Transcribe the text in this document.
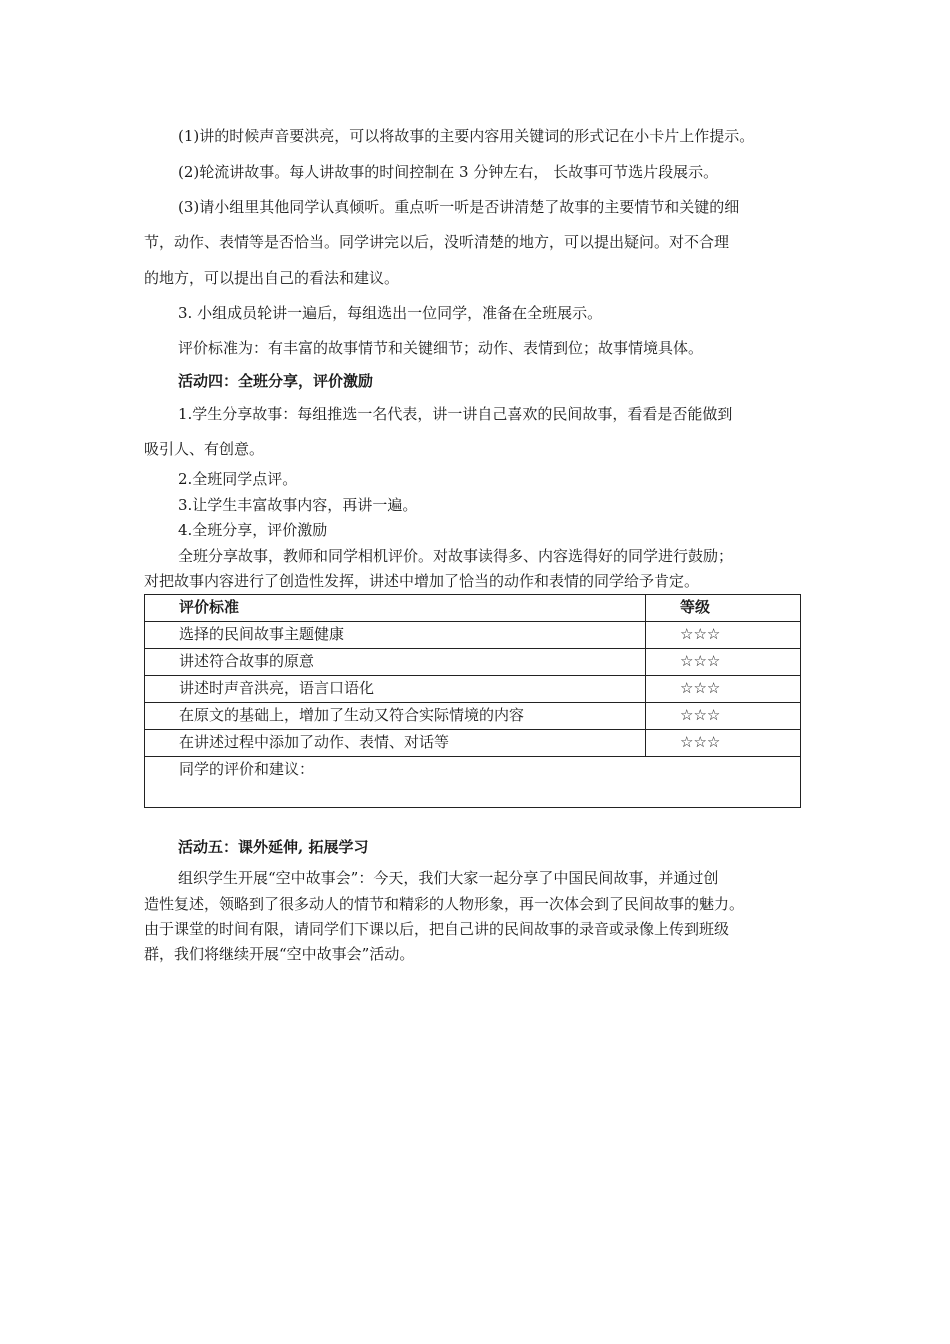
(1)讲的时候声音要洪亮，可以将故事的主要内容用关键词的形式记在小卡片上作提示。
(2)轮流讲故事。每人讲故事的时间控制在 3 分钟左右， 长故事可节选片段展示。
(3)请小组里其他同学认真倾听。重点听一听是否讲清楚了故事的主要情节和关键的细
节，动作、表情等是否恰当。同学讲完以后，没听清楚的地方，可以提出疑问。对不合理
的地方，可以提出自己的看法和建议。
3. 小组成员轮讲一遍后，每组选出一位同学，准备在全班展示。
评价标准为：有丰富的故事情节和关键细节；动作、表情到位；故事情境具体。
活动四：全班分享，评价激励
1.学生分享故事：每组推选一名代表，讲一讲自己喜欢的民间故事，看看是否能做到
吸引人、有创意。
2.全班同学点评。
3.让学生丰富故事内容，再讲一遍。
4.全班分享，评价激励
全班分享故事，教师和同学相机评价。对故事读得多、内容选得好的同学进行鼓励；
对把故事内容进行了创造性发挥，讲述中增加了恰当的动作和表情的同学给予肯定。
评价标准	等级
选择的民间故事主题健康	☆☆☆
讲述符合故事的原意	☆☆☆
讲述时声音洪亮，语言口语化	☆☆☆
在原文的基础上，增加了生动又符合实际情境的内容	☆☆☆
在讲述过程中添加了动作、表情、对话等	☆☆☆
同学的评价和建议：	
活动五：课外延伸, 拓展学习
组织学生开展“空中故事会”：今天，我们大家一起分享了中国民间故事，并通过创
造性复述，领略到了很多动人的情节和精彩的人物形象，再一次体会到了民间故事的魅力。
由于课堂的时间有限，请同学们下课以后，把自己讲的民间故事的录音或录像上传到班级
群，我们将继续开展“空中故事会”活动。
